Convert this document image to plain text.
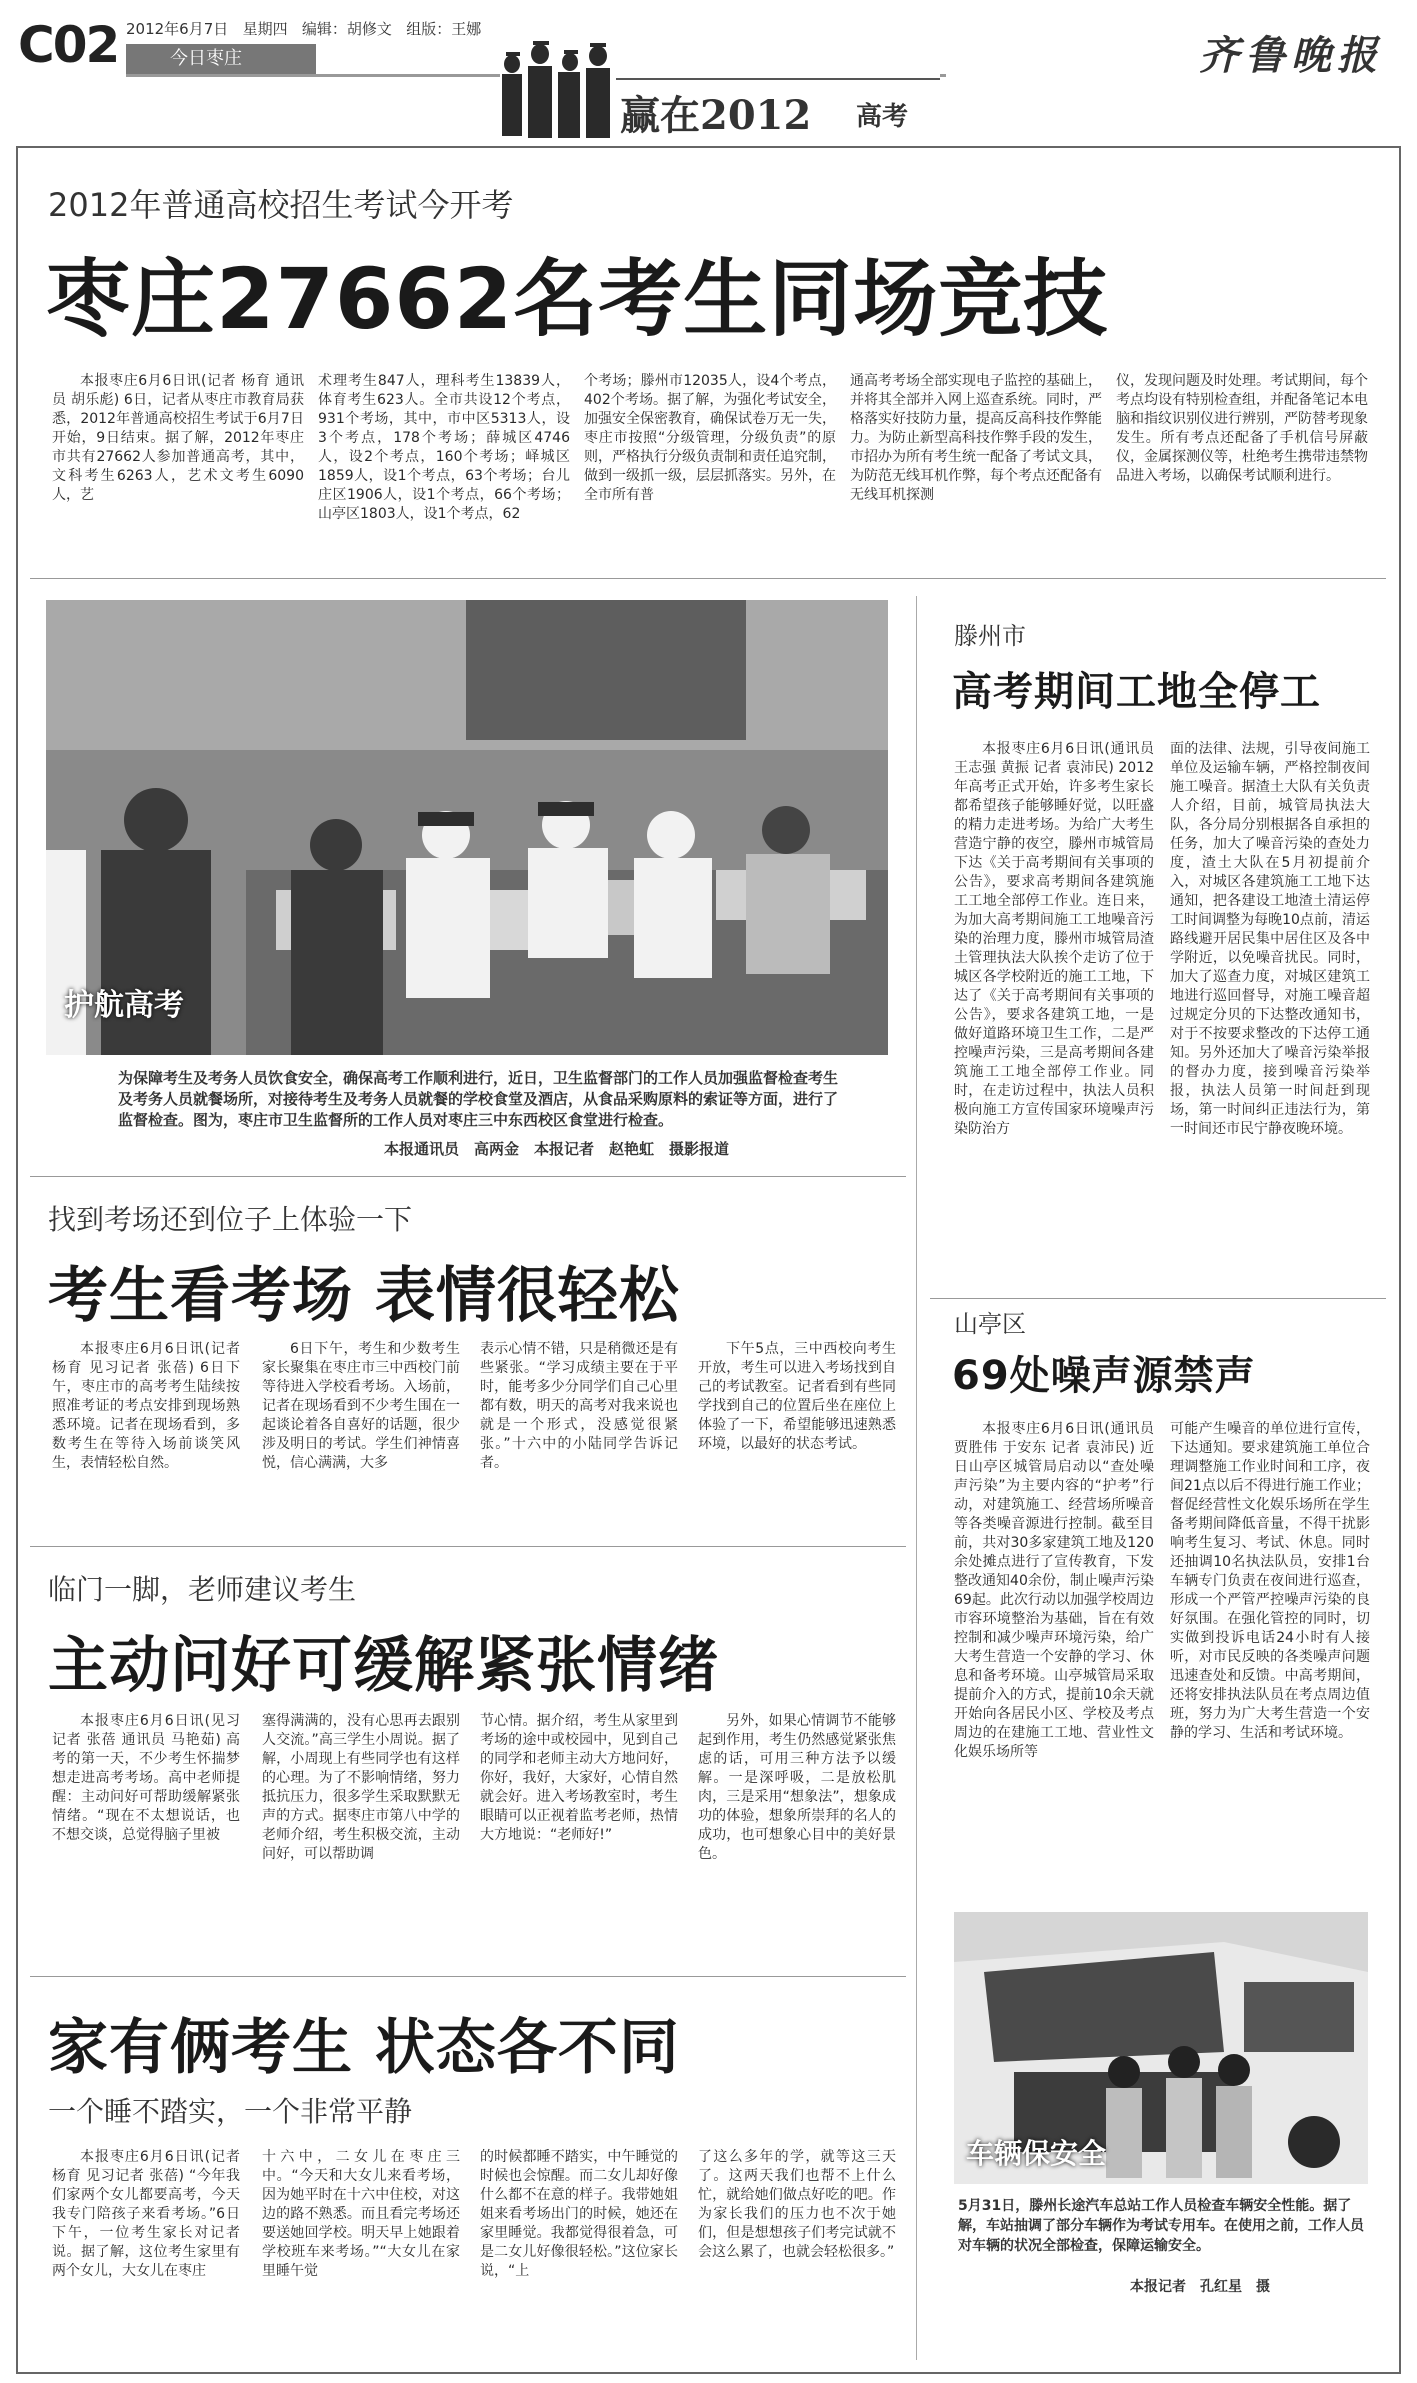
C02 2012年6月7日 星期四 编辑：胡修文 组版：王娜
今日枣庄
赢在2012 高考
齐鲁晚报
2012年普通高校招生考试今开考
枣庄27662名考生同场竞技

本报枣庄6月6日讯(记者 杨育 通讯员 胡乐彪) 6日，记者从枣庄市教育局获悉，2012年普通高校招生考试于6月7日开始，9日结束。据了解，2012年枣庄市共有27662人参加普通高考，其中，文科考生6263人，艺术文考生6090人，艺

术理考生847人，理科考生13839人，体育考生623人。全市共设12个考点，931个考场，其中，市中区5313人，设3个考点，178个考场；薛城区4746人，设2个考点，160个考场；峄城区1859人，设1个考点，63个考场；台儿庄区1906人，设1个考点，66个考场；山亭区1803人，设1个考点，62

个考场；滕州市12035人，设4个考点，402个考场。据了解，为强化考试安全，加强安全保密教育，确保试卷万无一失，枣庄市按照“分级管理，分级负责”的原则，严格执行分级负责制和责任追究制，做到一级抓一级，层层抓落实。另外，在全市所有普

通高考考场全部实现电子监控的基础上，并将其全部并入网上巡查系统。同时，严格落实好技防力量，提高反高科技作弊能力。为防止新型高科技作弊手段的发生，市招办为所有考生统一配备了考试文具，为防范无线耳机作弊，每个考点还配备有无线耳机探测

仪，发现问题及时处理。考试期间，每个考点均设有特别检查组，并配备笔记本电脑和指纹识别仪进行辨别，严防替考现象发生。所有考点还配备了手机信号屏蔽仪，金属探测仪等，杜绝考生携带违禁物品进入考场，以确保考试顺利进行。

护航高考
为保障考生及考务人员饮食安全，确保高考工作顺利进行，近日，卫生监督部门的工作人员加强监督检查考生及考务人员就餐场所，对接待考生及考务人员就餐的学校食堂及酒店，从食品采购原料的索证等方面，进行了监督检查。图为，枣庄市卫生监督所的工作人员对枣庄三中东西校区食堂进行检查。
本报通讯员　高两金　本报记者　赵艳虹　摄影报道
找到考场还到位子上体验一下
考生看考场 表情很轻松

本报枣庄6月6日讯(记者 杨育 见习记者 张蓓) 6日下午，枣庄市的高考考生陆续按照准考证的考点安排到现场熟悉环境。记者在现场看到，多数考生在等待入场前谈笑风生，表情轻松自然。

6日下午，考生和少数考生家长聚集在枣庄市三中西校门前等待进入学校看考场。入场前，记者在现场看到不少考生围在一起谈论着各自喜好的话题，很少涉及明日的考试。学生们神情喜悦，信心满满，大多

表示心情不错，只是稍微还是有些紧张。“学习成绩主要在于平时，能考多少分同学们自己心里都有数，明天的高考对我来说也就是一个形式，没感觉很紧张。”十六中的小陆同学告诉记者。

下午5点，三中西校向考生开放，考生可以进入考场找到自己的考试教室。记者看到有些同学找到自己的位置后坐在座位上体验了一下，希望能够迅速熟悉环境，以最好的状态考试。

临门一脚，老师建议考生
主动问好可缓解紧张情绪

本报枣庄6月6日讯(见习记者 张蓓 通讯员 马艳茹) 高考的第一天，不少考生怀揣梦想走进高考考场。高中老师提醒：主动问好可帮助缓解紧张情绪。“现在不太想说话，也不想交谈，总觉得脑子里被

塞得满满的，没有心思再去跟别人交流。”高三学生小周说。据了解，小周现上有些同学也有这样的心理。为了不影响情绪，努力抵抗压力，很多学生采取默默无声的方式。据枣庄市第八中学的老师介绍，考生积极交流，主动问好，可以帮助调

节心情。据介绍，考生从家里到考场的途中或校园中，见到自己的同学和老师主动大方地问好，你好，我好，大家好，心情自然就会好。进入考场教室时，考生眼睛可以正视着监考老师，热情大方地说：“老师好!”

另外，如果心情调节不能够起到作用，考生仍然感觉紧张焦虑的话，可用三种方法予以缓解。一是深呼吸，二是放松肌肉，三是采用“想象法”，想象成功的体验，想象所崇拜的名人的成功，也可想象心目中的美好景色。

家有俩考生 状态各不同
一个睡不踏实，一个非常平静

本报枣庄6月6日讯(记者 杨育 见习记者 张蓓) “今年我们家两个女儿都要高考，今天我专门陪孩子来看考场。”6日下午，一位考生家长对记者说。据了解，这位考生家里有两个女儿，大女儿在枣庄

十六中，二女儿在枣庄三中。“今天和大女儿来看考场，因为她平时在十六中住校，对这边的路不熟悉。而且看完考场还要送她回学校。明天早上她跟着学校班车来考场。”“大女儿在家里睡午觉

的时候都睡不踏实，中午睡觉的时候也会惊醒。而二女儿却好像什么都不在意的样子。我带她姐姐来看考场出门的时候，她还在家里睡觉。我都觉得很着急，可是二女儿好像很轻松。”这位家长说，“上

了这么多年的学，就等这三天了。这两天我们也帮不上什么忙，就给她们做点好吃的吧。作为家长我们的压力也不次于她们，但是想想孩子们考完试就不会这么累了，也就会轻松很多。”

滕州市
高考期间工地全停工

本报枣庄6月6日讯(通讯员 王志强 黄振 记者 袁沛民) 2012年高考正式开始，许多考生家长都希望孩子能够睡好觉，以旺盛的精力走进考场。为给广大考生营造宁静的夜空，滕州市城管局下达《关于高考期间有关事项的公告》，要求高考期间各建筑施工工地全部停工作业。连日来，为加大高考期间施工工地噪音污染的治理力度，滕州市城管局渣土管理执法大队挨个走访了位于城区各学校附近的施工工地，下达了《关于高考期间有关事项的公告》，要求各建筑工地，一是做好道路环境卫生工作，二是严控噪声污染，三是高考期间各建筑施工工地全部停工作业。同时，在走访过程中，执法人员积极向施工方宣传国家环境噪声污染防治方

面的法律、法规，引导夜间施工单位及运输车辆，严格控制夜间施工噪音。据渣土大队有关负责人介绍，目前，城管局执法大队，各分局分别根据各自承担的任务，加大了噪音污染的查处力度，渣土大队在5月初提前介入，对城区各建筑施工工地下达通知，把各建设工地渣土清运停工时间调整为每晚10点前，清运路线避开居民集中居住区及各中学附近，以免噪音扰民。同时，加大了巡查力度，对城区建筑工地进行巡回督导，对施工噪音超过规定分贝的下达整改通知书，对于不按要求整改的下达停工通知。另外还加大了噪音污染举报的督办力度，接到噪音污染举报，执法人员第一时间赶到现场，第一时间纠正违法行为，第一时间还市民宁静夜晚环境。

山亭区
69处噪声源禁声

本报枣庄6月6日讯(通讯员 贾胜伟 于安东 记者 袁沛民) 近日山亭区城管局启动以“查处噪声污染”为主要内容的“护考”行动，对建筑施工、经营场所噪音等各类噪音源进行控制。截至目前，共对30多家建筑工地及120余处摊点进行了宣传教育，下发整改通知40余份，制止噪声污染69起。此次行动以加强学校周边市容环境整治为基础，旨在有效控制和减少噪声环境污染，给广大考生营造一个安静的学习、休息和备考环境。山亭城管局采取提前介入的方式，提前10余天就开始向各居民小区、学校及考点周边的在建施工工地、营业性文化娱乐场所等

可能产生噪音的单位进行宣传，下达通知。要求建筑施工单位合理调整施工作业时间和工序，夜间21点以后不得进行施工作业；督促经营性文化娱乐场所在学生备考期间降低音量，不得干扰影响考生复习、考试、休息。同时还抽调10名执法队员，安排1台车辆专门负责在夜间进行巡查，形成一个严管严控噪声污染的良好氛围。在强化管控的同时，切实做到投诉电话24小时有人接听，对市民反映的各类噪声问题迅速查处和反馈。中高考期间，还将安排执法队员在考点周边值班，努力为广大考生营造一个安静的学习、生活和考试环境。

车辆保安全
5月31日，滕州长途汽车总站工作人员检查车辆安全性能。据了解，车站抽调了部分车辆作为考试专用车。在使用之前，工作人员对车辆的状况全部检查，保障运输安全。
本报记者　孔红星　摄
